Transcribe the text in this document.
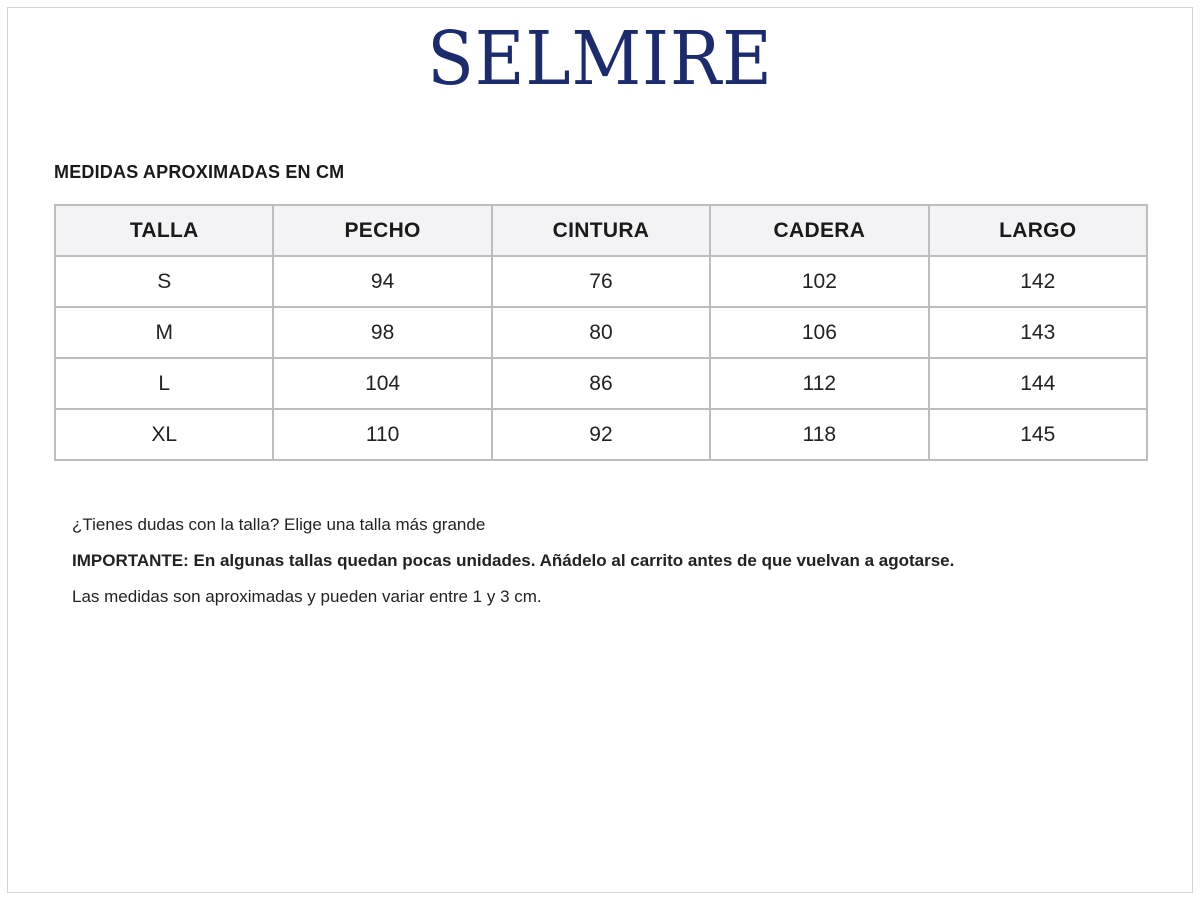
SELMIRE
MEDIDAS APROXIMADAS EN CM
TALLA	PECHO	CINTURA	CADERA	LARGO
S	94	76	102	142
M	98	80	106	143
L	104	86	112	144
XL	110	92	118	145

¿Tienes dudas con la talla? Elige una talla más grande

IMPORTANTE: En algunas tallas quedan pocas unidades. Añádelo al carrito antes de que vuelvan a agotarse.

Las medidas son aproximadas y pueden variar entre 1 y 3 cm.
